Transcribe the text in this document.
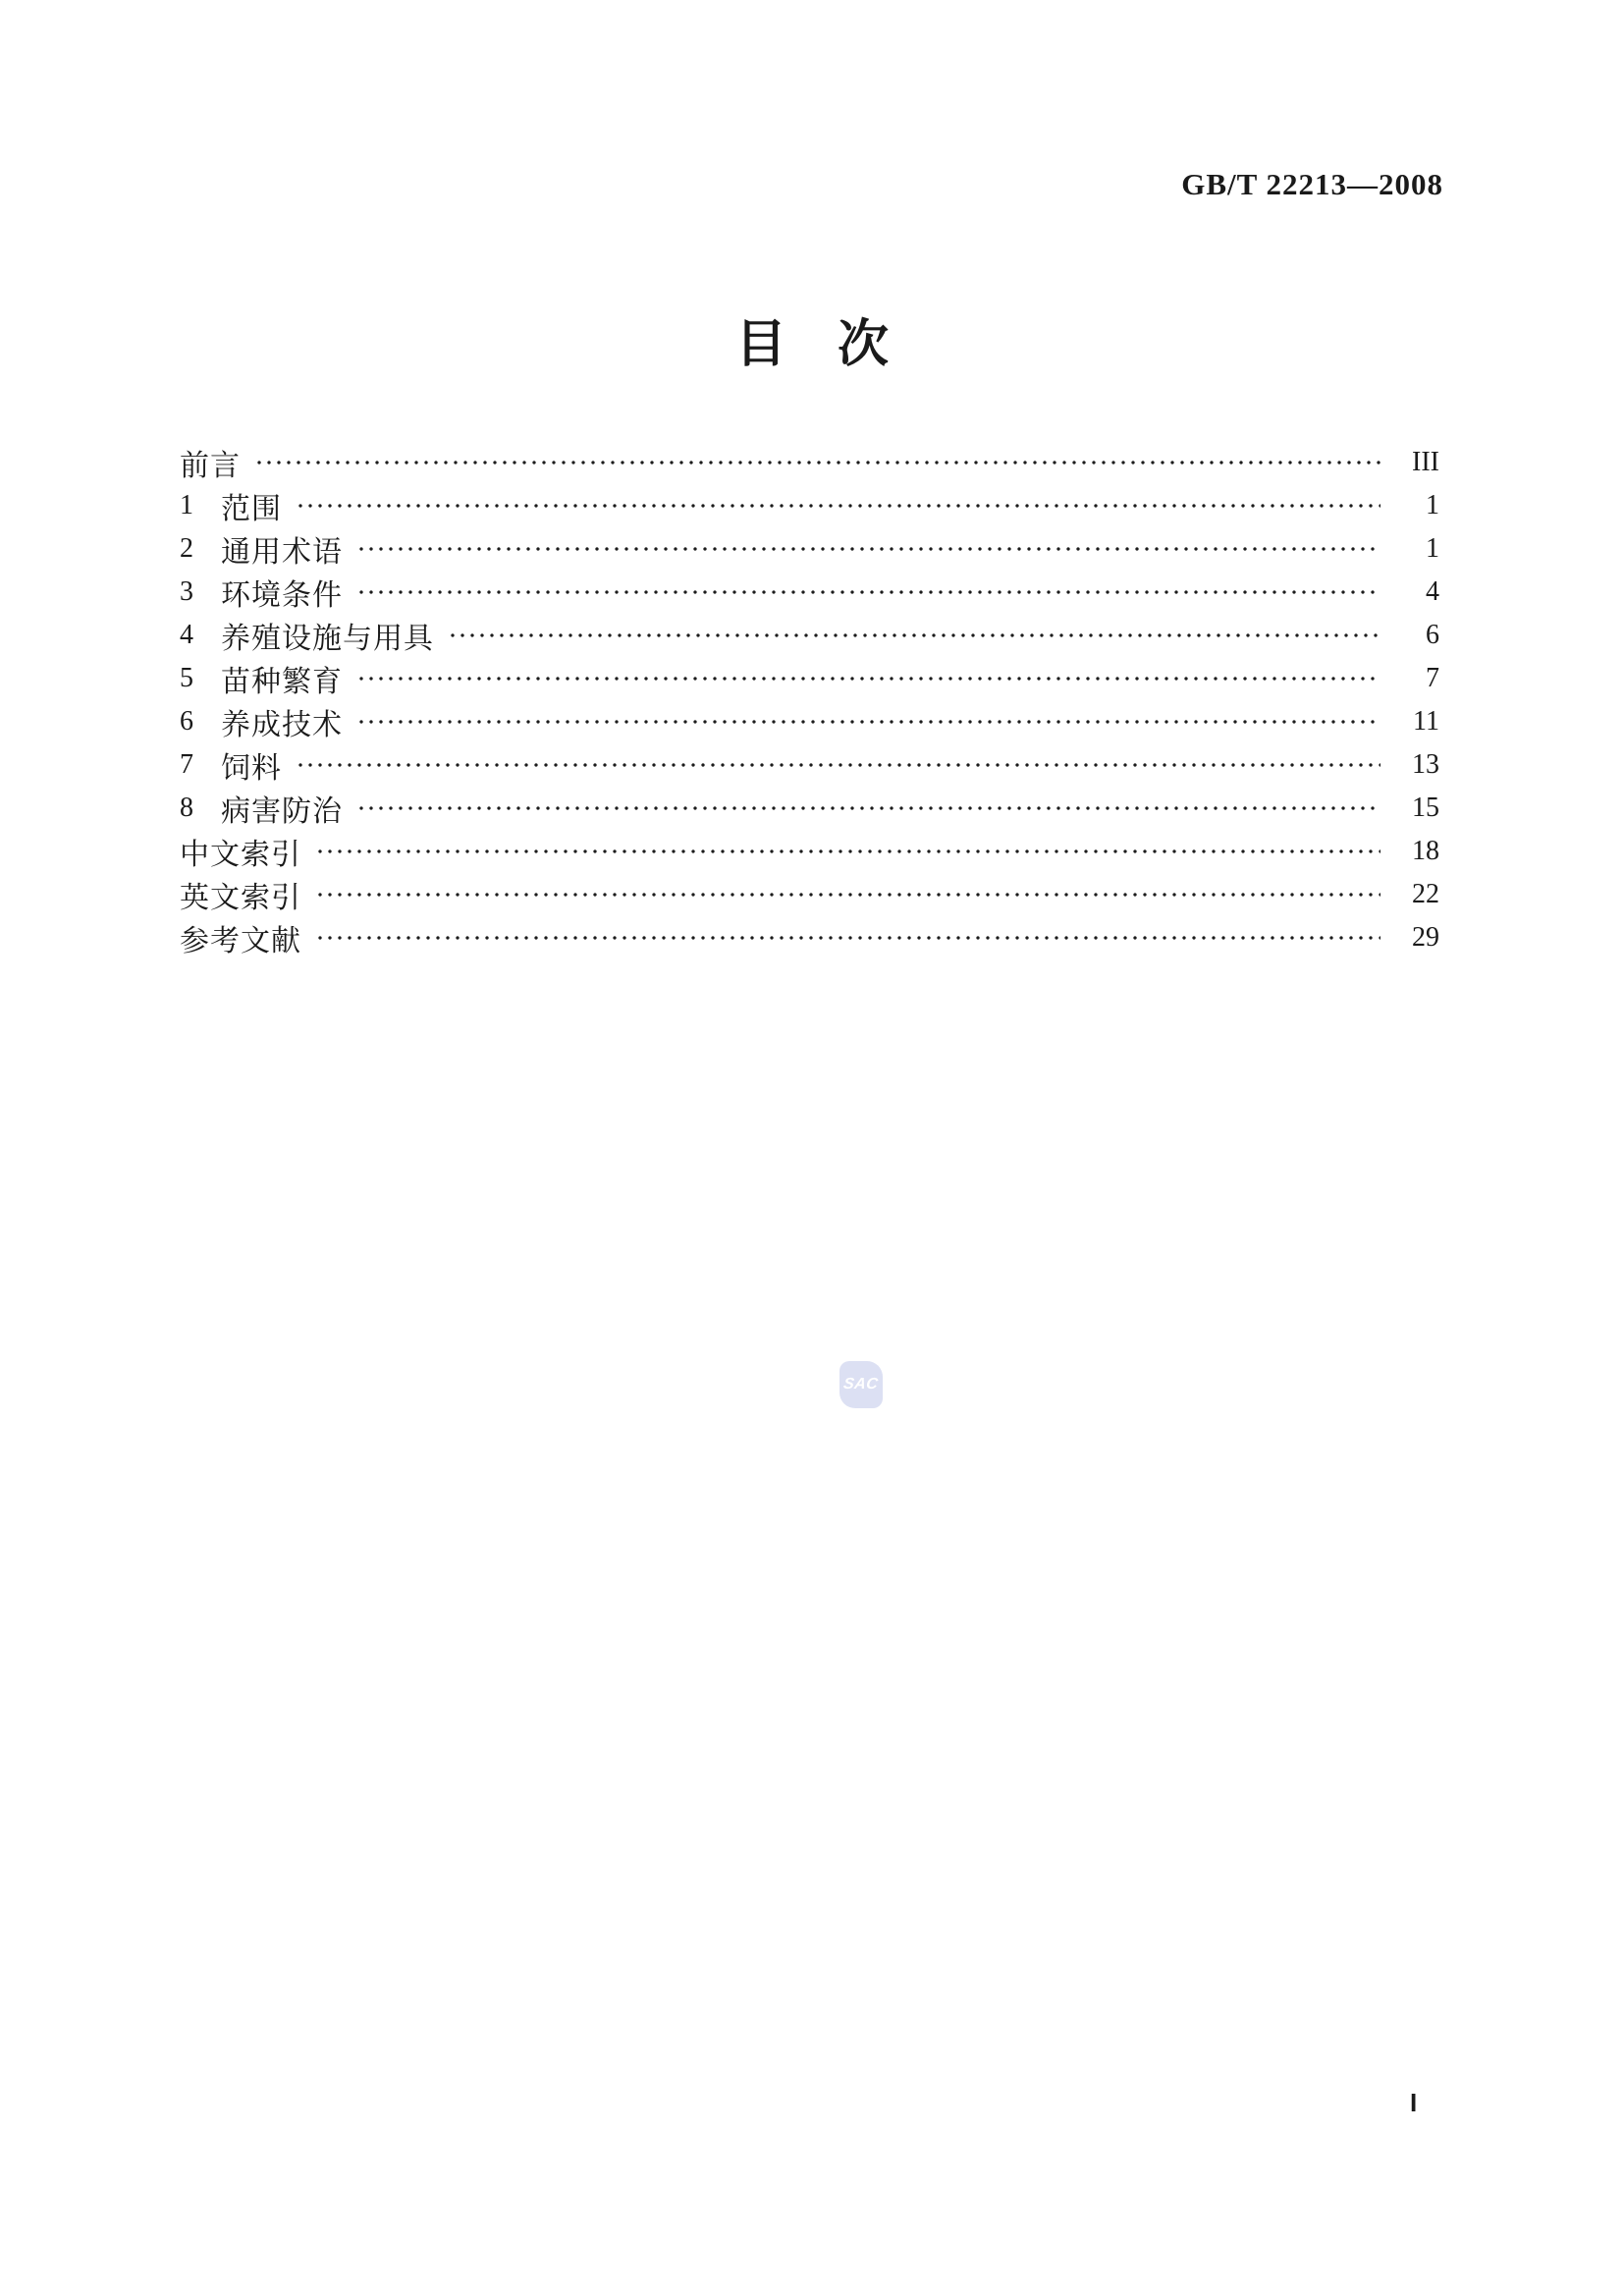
GB/T 22213—2008
目　次
前言	III
1 范围	1
2 通用术语	1
3 环境条件	4
4 养殖设施与用具	6
5 苗种繁育	7
6 养成技术	11
7 饲料	13
8 病害防治	15
中文索引	18
英文索引	22
参考文献	29
SAC
I
